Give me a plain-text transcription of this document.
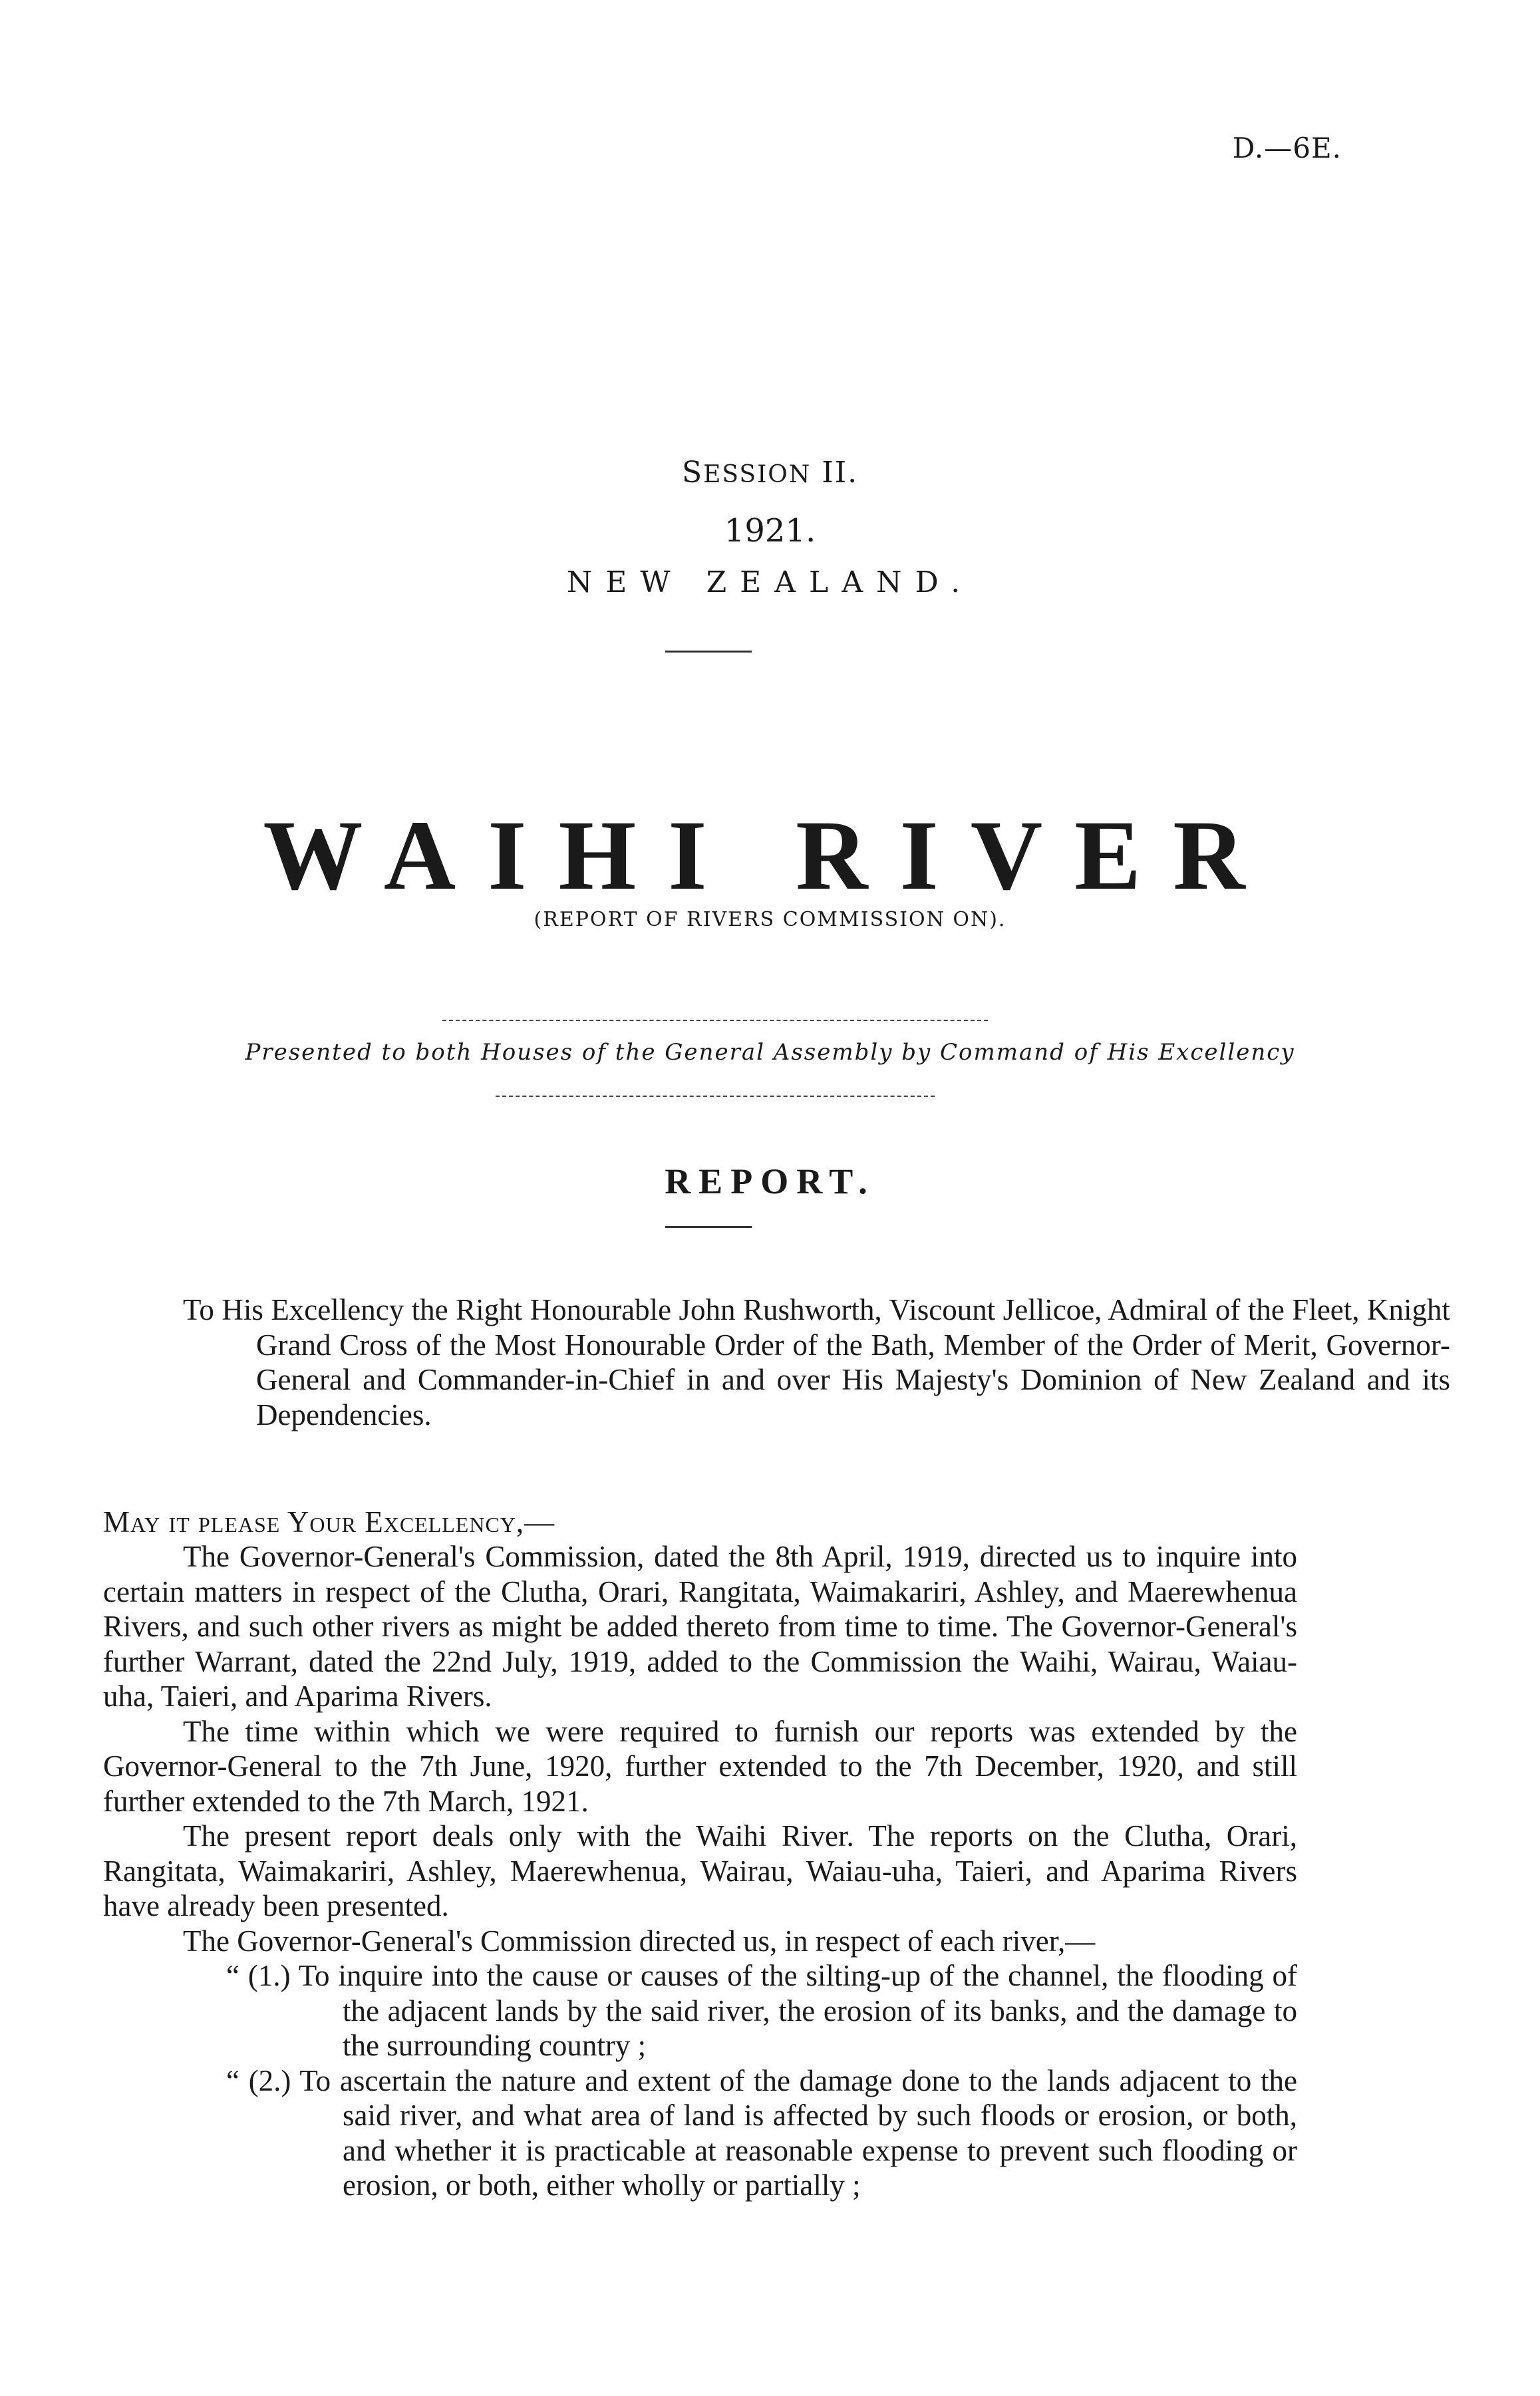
D.—6E.
SESSION II.
1921.
NEW ZEALAND.
WAIHI RIVER
(REPORT OF RIVERS COMMISSION ON).
Presented to both Houses of the General Assembly by Command of His Excellency
REPORT.
To His Excellency the Right Honourable John Rushworth, Viscount Jellicoe, Admiral of the Fleet, Knight Grand Cross of the Most Honourable Order of the Bath, Member of the Order of Merit, Governor-General and Commander-in-Chief in and over His Majesty's Dominion of New Zealand and its Dependencies.
May it please Your Excellency,—

The Governor-General's Commission, dated the 8th April, 1919, directed us to inquire into certain matters in respect of the Clutha, Orari, Rangitata, Waimakariri, Ashley, and Maerewhenua Rivers, and such other rivers as might be added thereto from time to time. The Governor-General's further Warrant, dated the 22nd July, 1919, added to the Commission the Waihi, Wairau, Waiau-uha, Taieri, and Aparima Rivers.

The time within which we were required to furnish our reports was extended by the Governor-General to the 7th June, 1920, further extended to the 7th December, 1920, and still further extended to the 7th March, 1921.

The present report deals only with the Waihi River. The reports on the Clutha, Orari, Rangitata, Waimakariri, Ashley, Maerewhenua, Wairau, Waiau-uha, Taieri, and Aparima Rivers have already been presented.

The Governor-General's Commission directed us, in respect of each river,—

“ (1.) To inquire into the cause or causes of the silting-up of the channel, the flooding of the adjacent lands by the said river, the erosion of its banks, and the damage to the surrounding country ;

“ (2.) To ascertain the nature and extent of the damage done to the lands adjacent to the said river, and what area of land is affected by such floods or erosion, or both, and whether it is practicable at reasonable expense to prevent such flooding or erosion, or both, either wholly or partially ;
